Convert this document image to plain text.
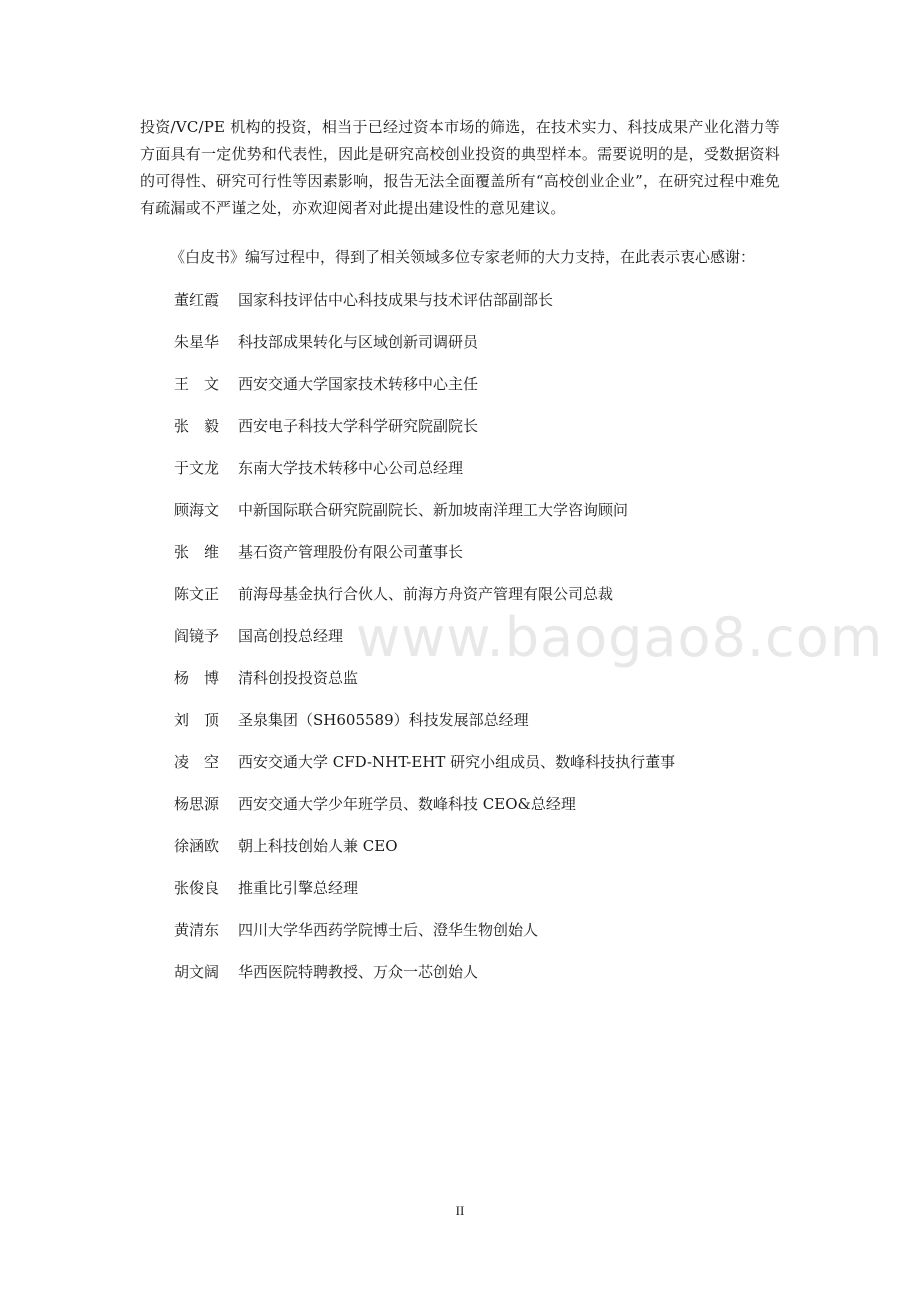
投资/VC/PE 机构的投资，相当于已经过资本市场的筛选，在技术实力、科技成果产业化潜力等方面具有一定优势和代表性，因此是研究高校创业投资的典型样本。需要说明的是，受数据资料的可得性、研究可行性等因素影响，报告无法全面覆盖所有“高校创业企业”，在研究过程中难免有疏漏或不严谨之处，亦欢迎阅者对此提出建设性的意见建议。

《白皮书》编写过程中，得到了相关领域多位专家老师的大力支持，在此表示衷心感谢：

董红霞	国家科技评估中心科技成果与技术评估部副部长
朱星华	科技部成果转化与区域创新司调研员
王　文	西安交通大学国家技术转移中心主任
张　毅	西安电子科技大学科学研究院副院长
于文龙	东南大学技术转移中心公司总经理
顾海文	中新国际联合研究院副院长、新加坡南洋理工大学咨询顾问
张　维	基石资产管理股份有限公司董事长
陈文正	前海母基金执行合伙人、前海方舟资产管理有限公司总裁
阎镜予	国高创投总经理
杨　博	清科创投投资总监
刘　顶	圣泉集团（SH605589）科技发展部总经理
凌　空	西安交通大学 CFD-NHT-EHT 研究小组成员、数峰科技执行董事
杨思源	西安交通大学少年班学员、数峰科技 CEO&总经理
徐涵欧	朝上科技创始人兼 CEO
张俊良	推重比引擎总经理
黄清东	四川大学华西药学院博士后、澄华生物创始人
胡文阔	华西医院特聘教授、万众一芯创始人
www.baogao8.com
II
